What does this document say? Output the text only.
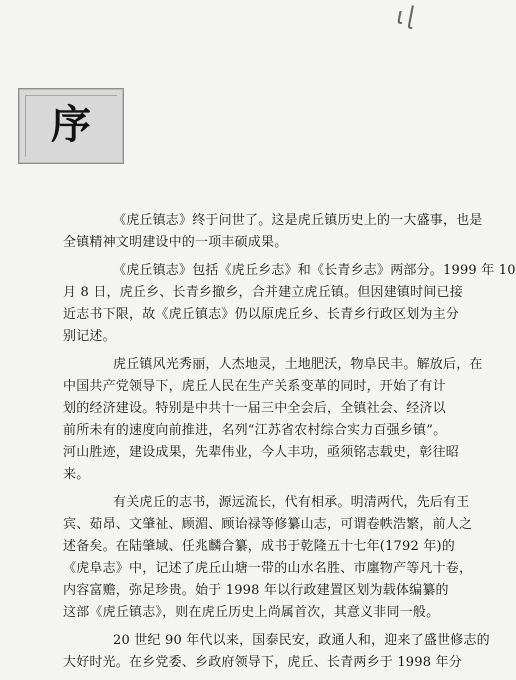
ɩɭ
序
《虎丘镇志》终于问世了。这是虎丘镇历史上的一大盛事，也是
全镇精神文明建设中的一项丰硕成果。
《虎丘镇志》包括《虎丘乡志》和《长青乡志》两部分。1999 年 10
月 8 日，虎丘乡、长青乡撤乡，合并建立虎丘镇。但因建镇时间已接
近志书下限，故《虎丘镇志》仍以原虎丘乡、长青乡行政区划为主分
别记述。
虎丘镇风光秀丽，人杰地灵，土地肥沃，物阜民丰。解放后，在
中国共产党领导下，虎丘人民在生产关系变革的同时，开始了有计
划的经济建设。特别是中共十一届三中全会后，全镇社会、经济以
前所未有的速度向前推进，名列“江苏省农村综合实力百强乡镇”。
河山胜迹，建设成果，先辈伟业，今人丰功，亟须铭志载史，彰往昭
来。
有关虎丘的志书，源远流长，代有相承。明清两代，先后有王
宾、茹昂、文肇祉、顾湄、顾诒禄等修纂山志，可谓卷帙浩繁，前人之
述备矣。在陆肇域、任兆麟合纂，成书于乾隆五十七年(1792 年)的
《虎阜志》中，记述了虎丘山塘一带的山水名胜、市廛物产等凡十卷，
内容富赡，弥足珍贵。始于 1998 年以行政建置区划为载体编纂的
这部《虎丘镇志》，则在虎丘历史上尚属首次，其意义非同一般。
20 世纪 90 年代以来，国泰民安，政通人和，迎来了盛世修志的
大好时光。在乡党委、乡政府领导下，虎丘、长青两乡于 1998 年分
